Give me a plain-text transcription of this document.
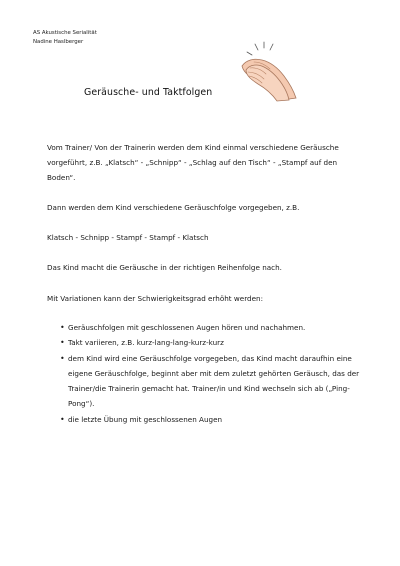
AS Akustische Serialität
Nadine Haslberger
Geräusche- und Taktfolgen
Vom Trainer/ Von der Trainerin werden dem Kind einmal verschiedene Geräusche vorgeführt, z.B. „Klatsch“ - „Schnipp“ - „Schlag auf den Tisch“ - „Stampf auf den Boden“.
Dann werden dem Kind verschiedene Geräuschfolge vorgegeben, z.B.
Klatsch - Schnipp - Stampf - Stampf - Klatsch
Das Kind macht die Geräusche in der richtigen Reihenfolge nach.
Mit Variationen kann der Schwierigkeitsgrad erhöht werden:
• Geräuschfolgen mit geschlossenen Augen hören und nachahmen.
• Takt variieren, z.B. kurz-lang-lang-kurz-kurz
• dem Kind wird eine Geräuschfolge vorgegeben, das Kind macht daraufhin eine eigene Geräuschfolge, beginnt aber mit dem zuletzt gehörten Geräusch, das der Trainer/die Trainerin gemacht hat. Trainer/in und Kind wechseln sich ab („Ping-Pong“).
• die letzte Übung mit geschlossenen Augen
